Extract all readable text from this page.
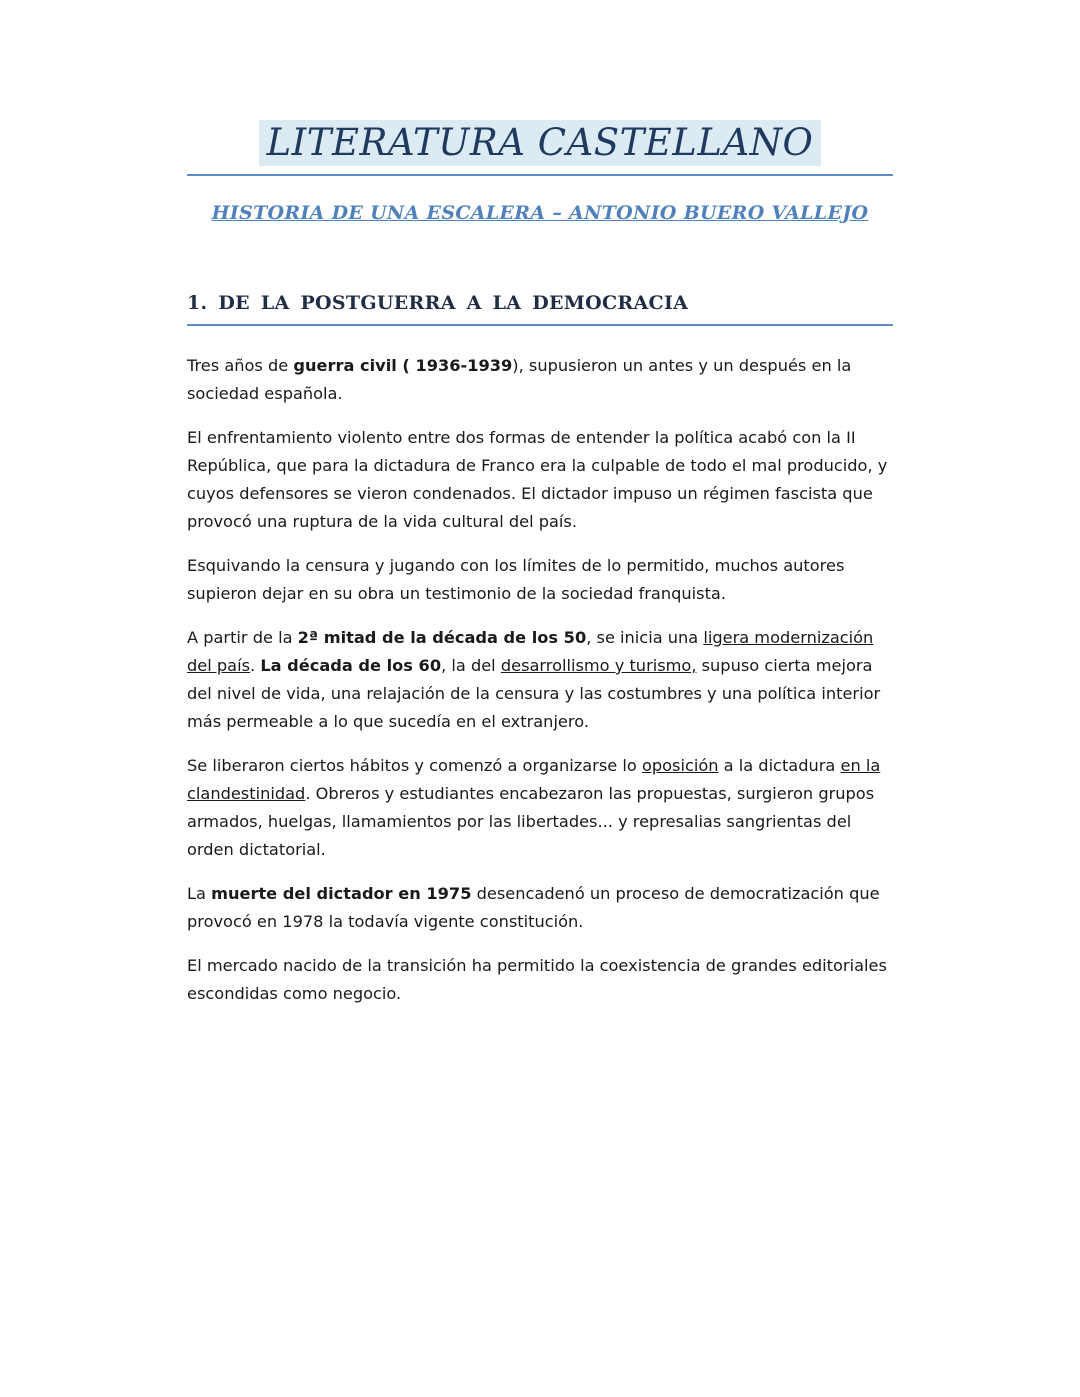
LITERATURA CASTELLANO
HISTORIA DE UNA ESCALERA – ANTONIO BUERO VALLEJO
1. DE LA POSTGUERRA A LA DEMOCRACIA

Tres años de guerra civil ( 1936-1939), supusieron un antes y un después en la sociedad española.

El enfrentamiento violento entre dos formas de entender la política acabó con la II República, que para la dictadura de Franco era la culpable de todo el mal producido, y cuyos defensores se vieron condenados. El dictador impuso un régimen fascista que provocó una ruptura de la vida cultural del país.

Esquivando la censura y jugando con los límites de lo permitido, muchos autores supieron dejar en su obra un testimonio de la sociedad franquista.

A partir de la 2ª mitad de la década de los 50, se inicia una ligera modernización del país. La década de los 60, la del desarrollismo y turismo, supuso cierta mejora del nivel de vida, una relajación de la censura y las costumbres y una política interior más permeable a lo que sucedía en el extranjero.

Se liberaron ciertos hábitos y comenzó a organizarse lo oposición a la dictadura en la clandestinidad. Obreros y estudiantes encabezaron las propuestas, surgieron grupos armados, huelgas, llamamientos por las libertades... y represalias sangrientas del orden dictatorial.

La muerte del dictador en 1975 desencadenó un proceso de democratización que provocó en 1978 la todavía vigente constitución.

El mercado nacido de la transición ha permitido la coexistencia de grandes editoriales escondidas como negocio.
